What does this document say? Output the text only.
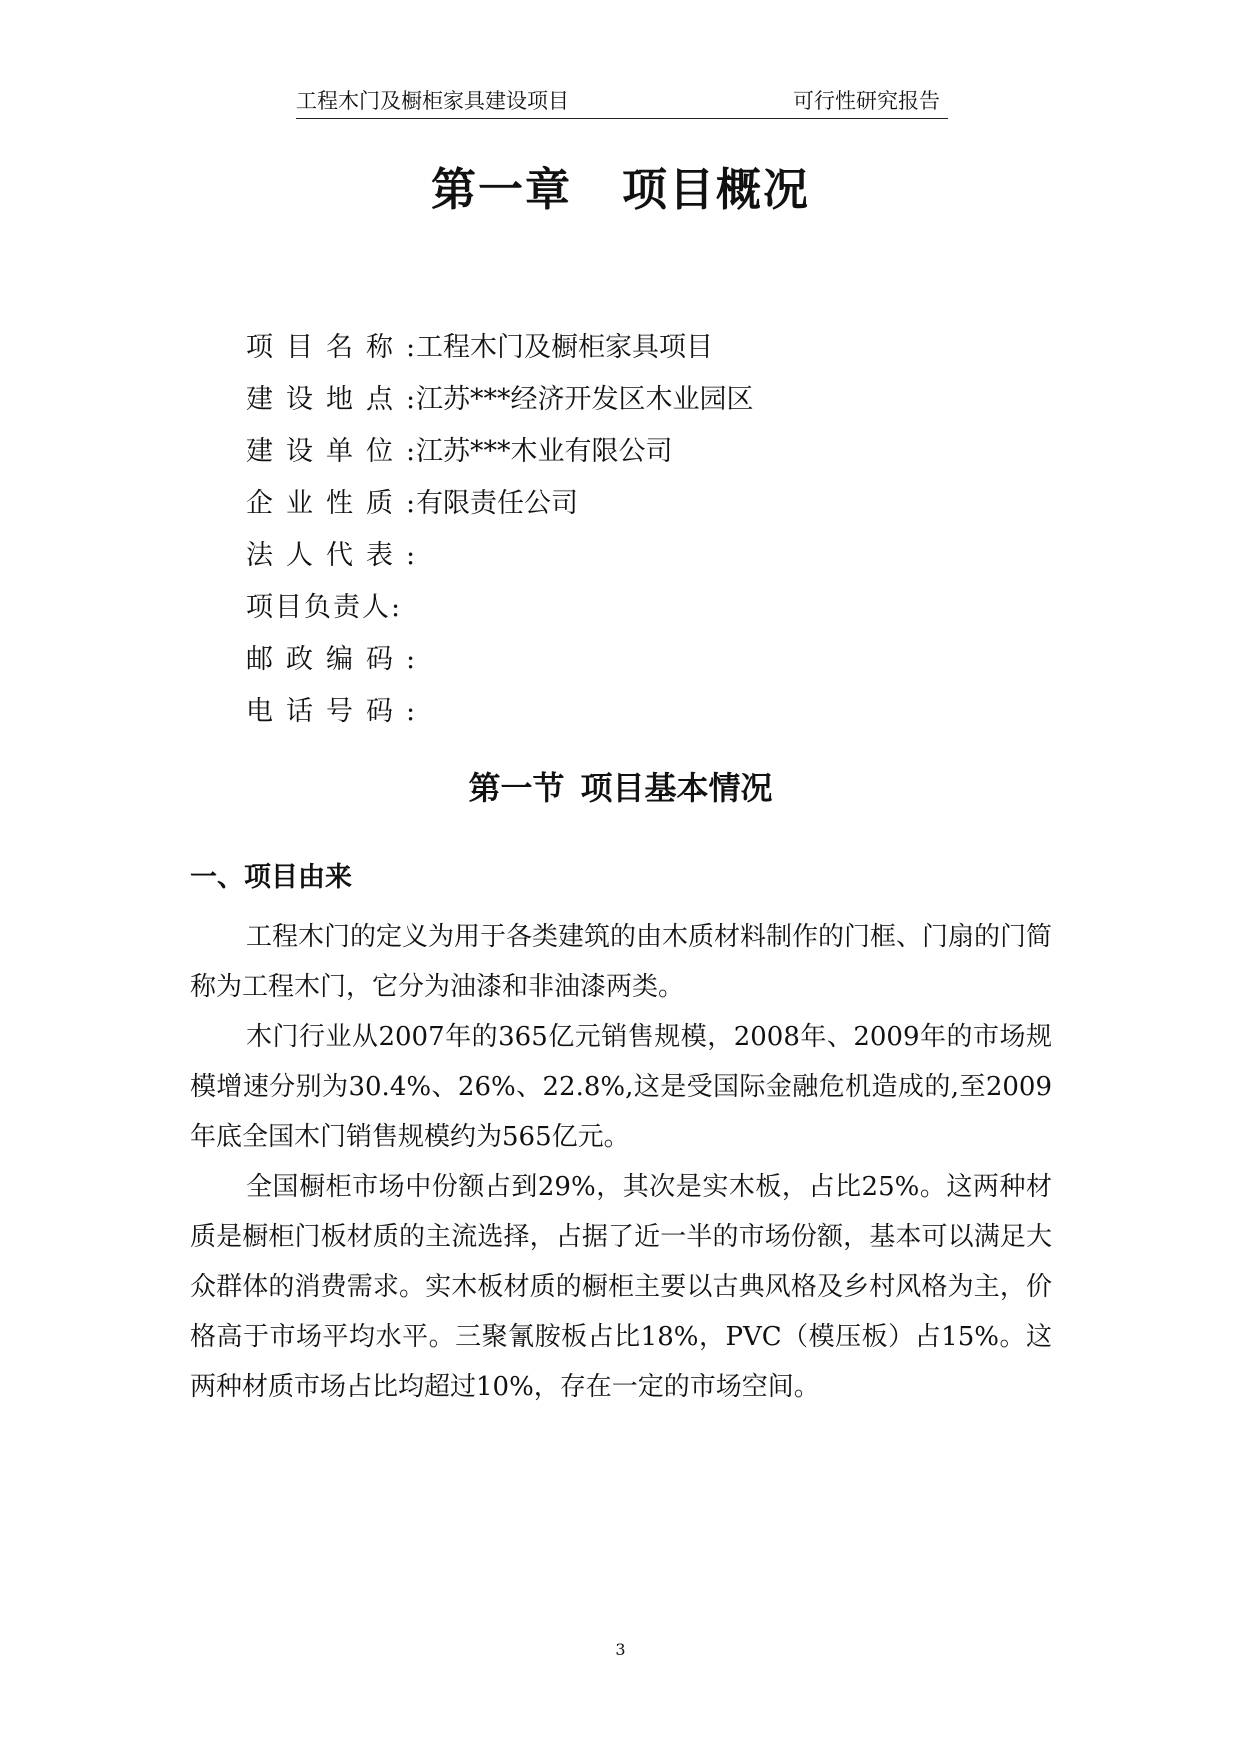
工程木门及橱柜家具建设项目	可行性研究报告
第一章 项目概况
项目名称:工程木门及橱柜家具项目
建设地点:江苏***经济开发区木业园区
建设单位:江苏***木业有限公司
企业性质:有限责任公司
法人代表:
项目负责人:
邮政编码:
电话号码:
第一节 项目基本情况
一、项目由来

工程木门的定义为用于各类建筑的由木质材料制作的门框、门扇的门简称为工程木门，它分为油漆和非油漆两类。

木门行业从2007年的365亿元销售规模，2008年、2009年的市场规模增速分别为30.4%、26%、22.8%,这是受国际金融危机造成的,至2009年底全国木门销售规模约为565亿元。

全国橱柜市场中份额占到29%，其次是实木板，占比25%。这两种材质是橱柜门板材质的主流选择，占据了近一半的市场份额，基本可以满足大众群体的消费需求。实木板材质的橱柜主要以古典风格及乡村风格为主，价格高于市场平均水平。三聚氰胺板占比18%，PVC（模压板）占15%。这两种材质市场占比均超过10%，存在一定的市场空间。

3
